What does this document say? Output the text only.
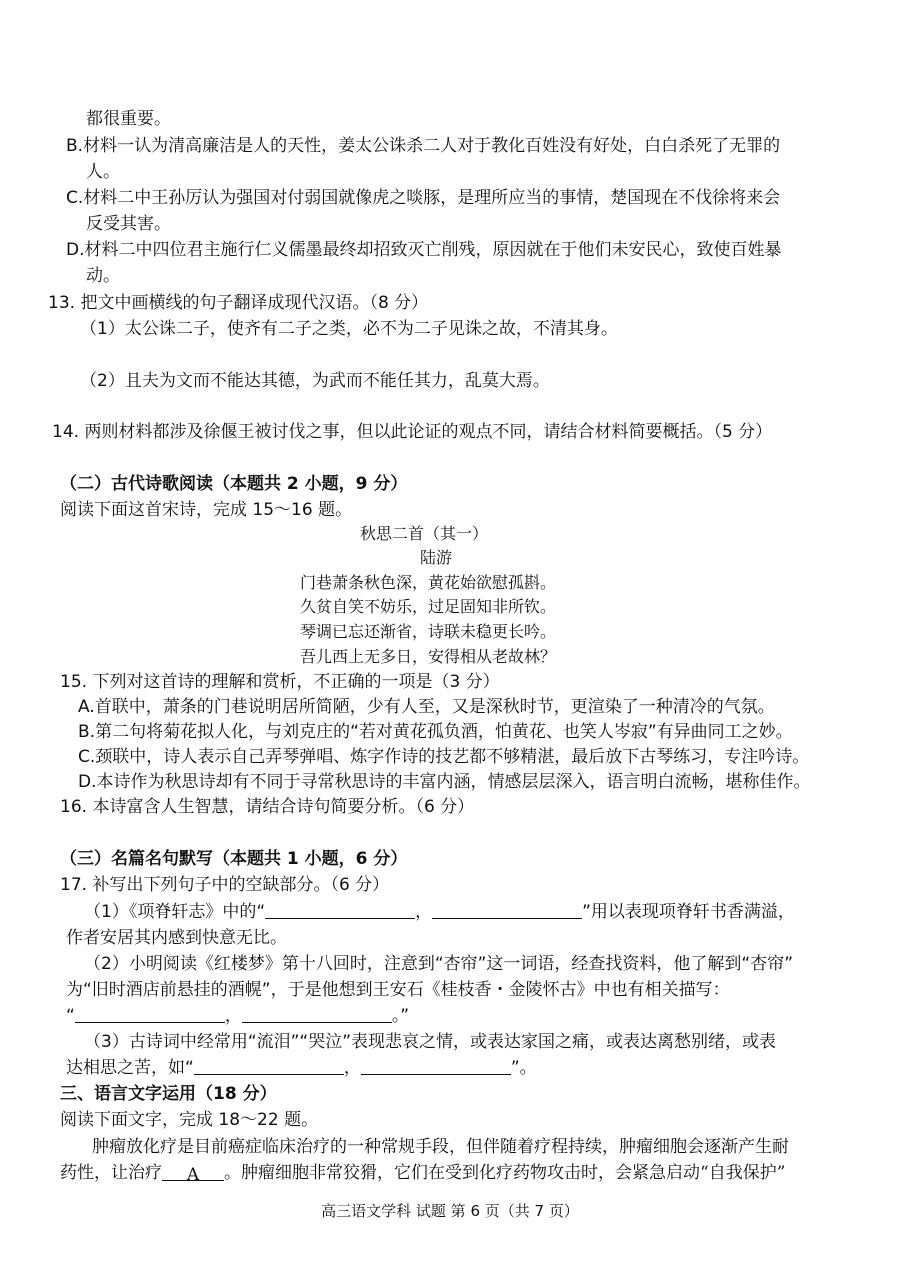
都很重要。
B.材料一认为清高廉洁是人的天性，姜太公诛杀二人对于教化百姓没有好处，白白杀死了无罪的
人。
C.材料二中王孙厉认为强国对付弱国就像虎之啖豚，是理所应当的事情，楚国现在不伐徐将来会
反受其害。
D.材料二中四位君主施行仁义儒墨最终却招致灭亡削残，原因就在于他们未安民心，致使百姓暴
动。
13. 把文中画横线的句子翻译成现代汉语。（8 分）
（1）太公诛二子，使齐有二子之类，必不为二子见诛之故，不清其身。
（2）且夫为文而不能达其德，为武而不能任其力，乱莫大焉。
14. 两则材料都涉及徐偃王被讨伐之事，但以此论证的观点不同，请结合材料简要概括。（5 分）
（二）古代诗歌阅读（本题共 2 小题，9 分）
阅读下面这首宋诗，完成 15～16 题。
秋思二首（其一）
陆游
门巷萧条秋色深，黄花始欲慰孤斟。
久贫自笑不妨乐，过足固知非所钦。
琴调已忘还渐省，诗联未稳更长吟。
吾儿西上无多日，安得相从老故林？
15. 下列对这首诗的理解和赏析，不正确的一项是（3 分）
A.首联中，萧条的门巷说明居所简陋，少有人至，又是深秋时节，更渲染了一种清冷的气氛。
B.第二句将菊花拟人化，与刘克庄的“若对黄花孤负酒，怕黄花、也笑人岑寂”有异曲同工之妙。
C.颈联中，诗人表示自己弄琴弹唱、炼字作诗的技艺都不够精湛，最后放下古琴练习，专注吟诗。
D.本诗作为秋思诗却有不同于寻常秋思诗的丰富内涵，情感层层深入，语言明白流畅，堪称佳作。
16. 本诗富含人生智慧，请结合诗句简要分析。（6 分）
（三）名篇名句默写（本题共 1 小题，6 分）
17. 补写出下列句子中的空缺部分。（6 分）
（1）《项脊轩志》中的“	，	”用以表现项脊轩书香满溢，
作者安居其内感到快意无比。
（2）小明阅读《红楼梦》第十八回时，注意到“杏帘”这一词语，经查找资料，他了解到“杏帘”
为“旧时酒店前悬挂的酒幌”，于是他想到王安石《桂枝香・金陵怀古》中也有相关描写：
“	，	。”
（3）古诗词中经常用“流泪”“哭泣”表现悲哀之情，或表达家国之痛，或表达离愁别绪，或表
达相思之苦，如“	，	”。
三、语言文字运用（18 分）
阅读下面文字，完成 18～22 题。
肿瘤放化疗是目前癌症临床治疗的一种常规手段，但伴随着疗程持续，肿瘤细胞会逐渐产生耐
药性，让治疗 A 。肿瘤细胞非常狡猾，它们在受到化疗药物攻击时，会紧急启动“自我保护”
高三语文学科 试题 第 6 页（共 7 页）
